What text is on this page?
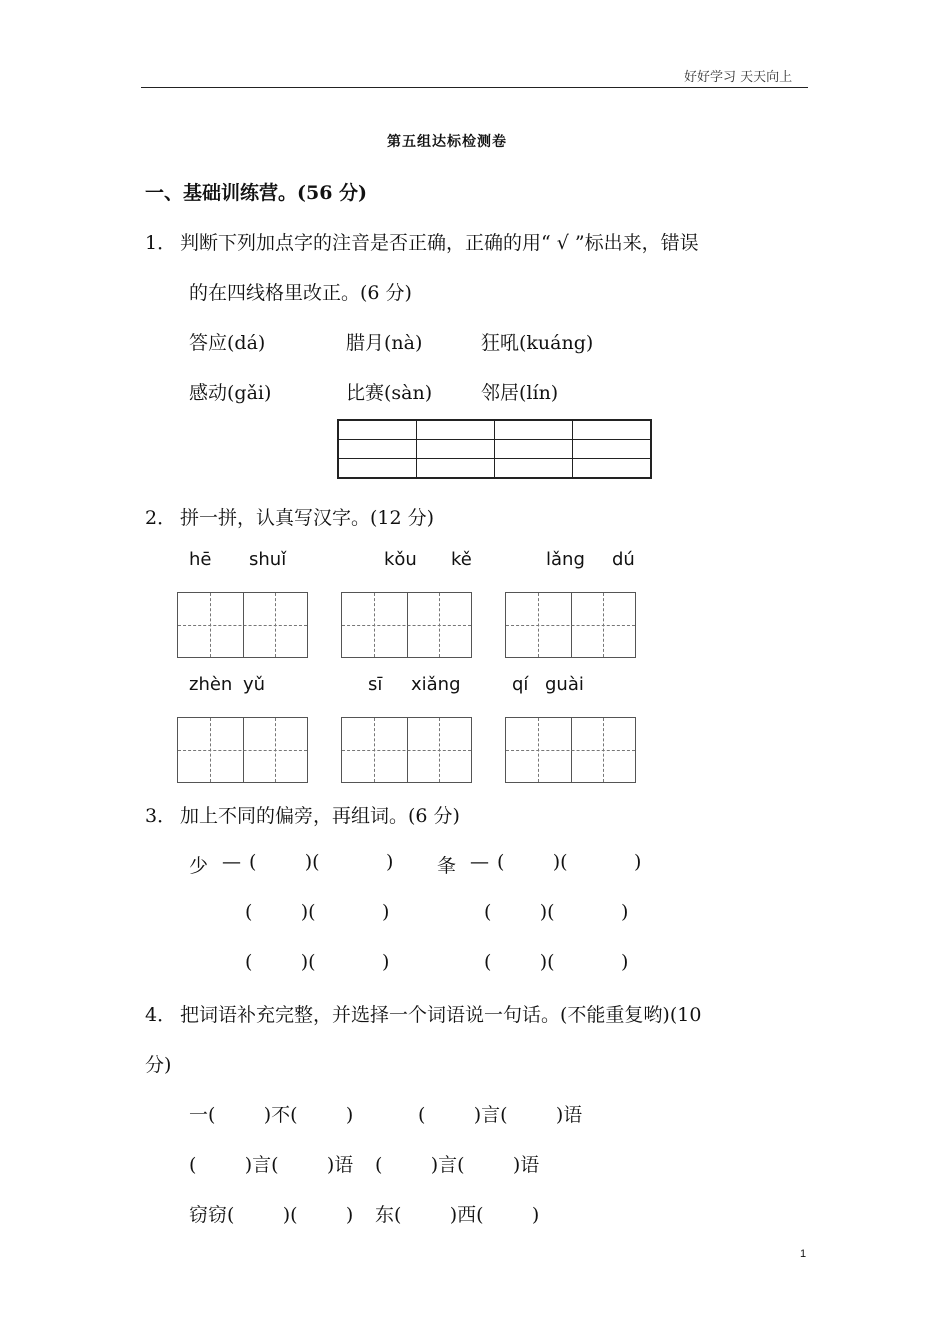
好好学习 天天向上
第五组达标检测卷
一、基础训练营。(56 分)
1． 判断下列加点字的注音是否正确，正确的用“ √ ”标出来，错误
的在四线格里改正。(6 分)
答应(dá)	腊月(nà)	狂吼(kuáng)
感动(gǎi)	比赛(sàn)	邻居(lín)

2． 拼一拼，认真写汉字。(12 分)
hē shuǐ	kǒu kě	lǎng dú
zhèn yǔ	sī xiǎng	qí guài
3． 加上不同的偏旁，再组词。(6 分)
少 — (        )(           ) 夆 — (        )(           )
(        )(           )	(        )(           )
(        )(           )	(        )(           )
4． 把词语补充完整，并选择一个词语说一句话。(不能重复哟)(10
分)
一(        )不(        )	(        )言(        )语
(        )言(        )语 (        )言(        )语
窃窃(        )(        ) 东(        )西(        )
1
